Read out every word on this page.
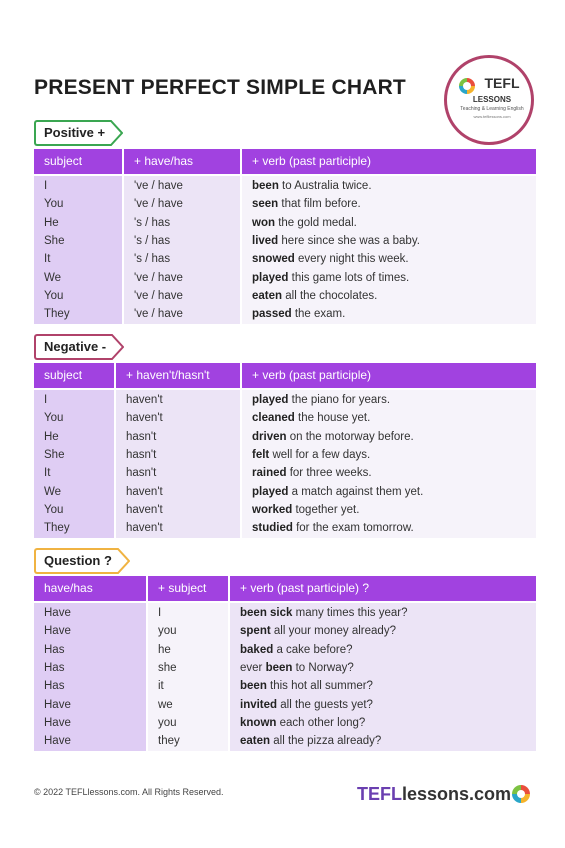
PRESENT PERFECT SIMPLE CHART	TEFL
LESSONS
Teaching & Learning English
www.tefllessons.com
Positive +
subject	+ have/has	+ verb (past participle)
I	've / have	been to Australia twice.
You	've / have	seen that film before.
He	's / has	won the gold medal.
She	's / has	lived here since she was a baby.
It	's / has	snowed every night this week.
We	've / have	played this game lots of times.
You	've / have	eaten all the chocolates.
They	've / have	passed the exam.
Negative -
subject	+ haven't/hasn't	+ verb (past participle)
I	haven't	played the piano for years.
You	haven't	cleaned the house yet.
He	hasn't	driven on the motorway before.
She	hasn't	felt well for a few days.
It	hasn't	rained for three weeks.
We	haven't	played a match against them yet.
You	haven't	worked together yet.
They	haven't	studied for the exam tomorrow.
Question ?
have/has	+ subject	+ verb (past participle) ?
Have	I	been sick many times this year?
Have	you	spent all your money already?
Has	he	baked a cake before?
Has	she	ever been to Norway?
Has	it	been this hot all summer?
Have	we	invited all the guests yet?
Have	you	known each other long?
Have	they	eaten all the pizza already?
© 2022 TEFLlessons.com. All Rights Reserved.	TEFLlessons.com
